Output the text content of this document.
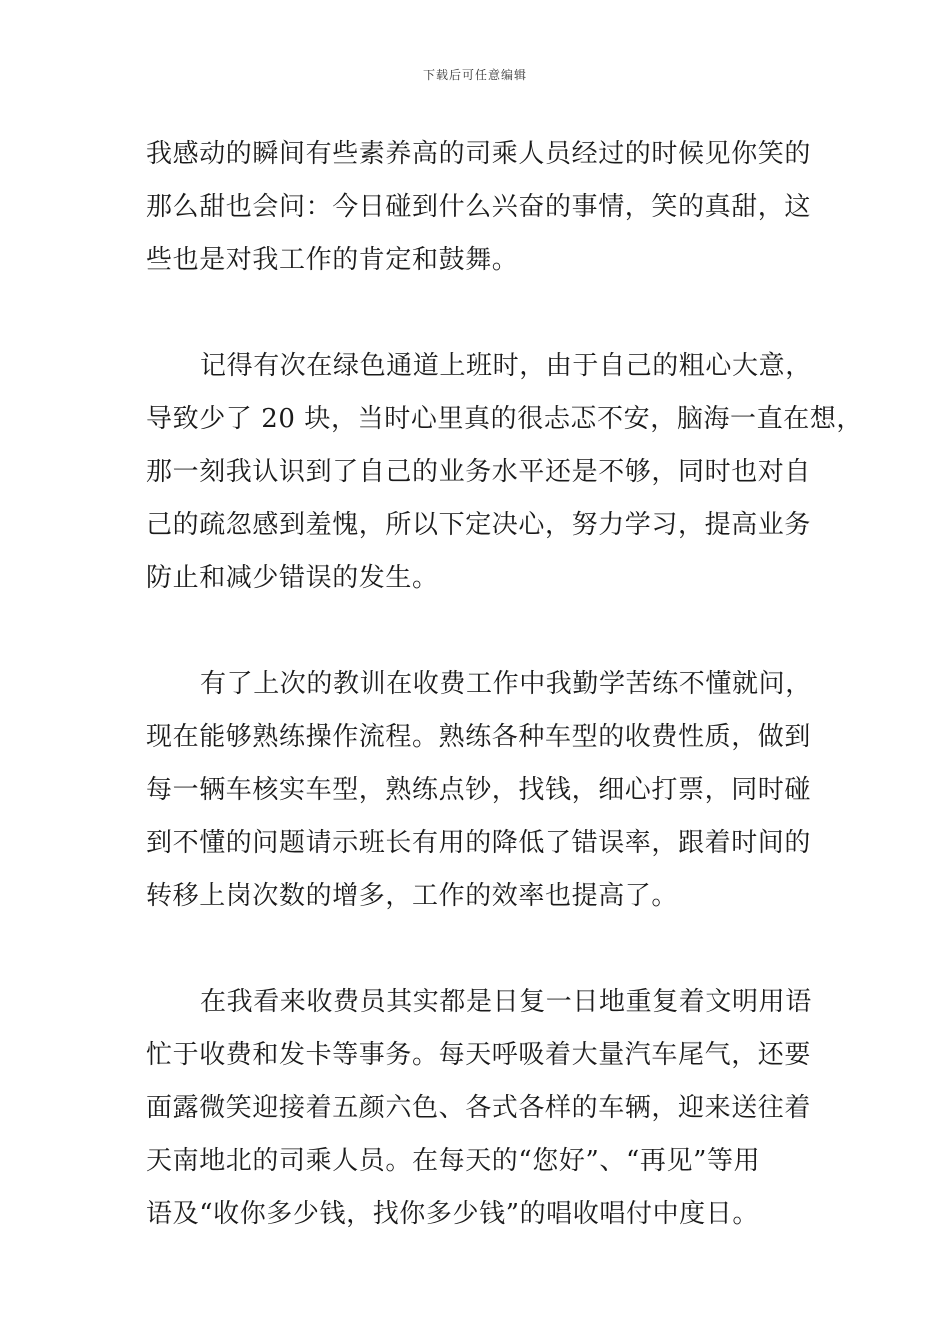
下载后可任意编辑

我感动的瞬间有些素养高的司乘人员经过的时候见你笑的
那么甜也会问：今日碰到什么兴奋的事情，笑的真甜，这
些也是对我工作的肯定和鼓舞。

记得有次在绿色通道上班时，由于自己的粗心大意，
导致少了 20 块，当时心里真的很忐忑不安，脑海一直在想，
那一刻我认识到了自己的业务水平还是不够，同时也对自
己的疏忽感到羞愧，所以下定决心，努力学习，提高业务
防止和减少错误的发生。

有了上次的教训在收费工作中我勤学苦练不懂就问，
现在能够熟练操作流程。熟练各种车型的收费性质，做到
每一辆车核实车型，熟练点钞，找钱，细心打票，同时碰
到不懂的问题请示班长有用的降低了错误率，跟着时间的
转移上岗次数的增多，工作的效率也提高了。

在我看来收费员其实都是日复一日地重复着文明用语
忙于收费和发卡等事务。每天呼吸着大量汽车尾气，还要
面露微笑迎接着五颜六色、各式各样的车辆，迎来送往着
天南地北的司乘人员。在每天的“您好”、“再见”等用
语及“收你多少钱，找你多少钱”的唱收唱付中度日。
